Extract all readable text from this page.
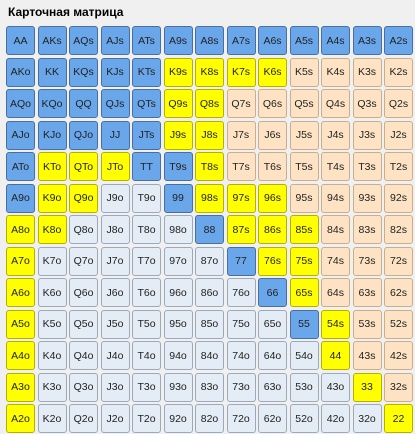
Карточная матрица
AA	AKs	AQs	AJs	ATs	A9s	A8s	A7s	A6s	A5s	A4s	A3s	A2s
AKo	KK	KQs	KJs	KTs	K9s	K8s	K7s	K6s	K5s	K4s	K3s	K2s
AQo KQo	QQ	QJs	QTs	Q9s	Q8s	Q7s	Q6s	Q5s	Q4s	Q3s	Q2s
AJo	KJo	QJo	JJ	JTs	J9s	J8s	J7s	J6s	J5s	J4s	J3s	J2s
ATo	KTo	QTo	JTo	TT	T9s	T8s	T7s	T6s	T5s	T4s	T3s	T2s
A9o	K9o	Q9o	J9o	T9o	99	98s	97s	96s	95s	94s	93s	92s
A8o	K8o	Q8o	J8o	T8o	98o	88	87s	86s	85s	84s	83s	82s
A7o	K7o	Q7o	J7o	T7o	97o	87o	77	76s	75s	74s	73s	72s
A6o	K6o	Q6o	J6o	T6o	96o	86o	76o	66	65s	64s	63s	62s
A5o	K5o	Q5o	J5o	T5o	95o	85o	75o	65o	55	54s	53s	52s
A4o	K4o	Q4o	J4o	T4o	94o	84o	74o	64o	54o	44	43s	42s
A3o	K3o	Q3o	J3o	T3o	93o	83o	73o	63o	53o	43o	33	32s
A2o	K2o	Q2o	J2o	T2o	92o	82o	72o	62o	52o	42o	32o	22
